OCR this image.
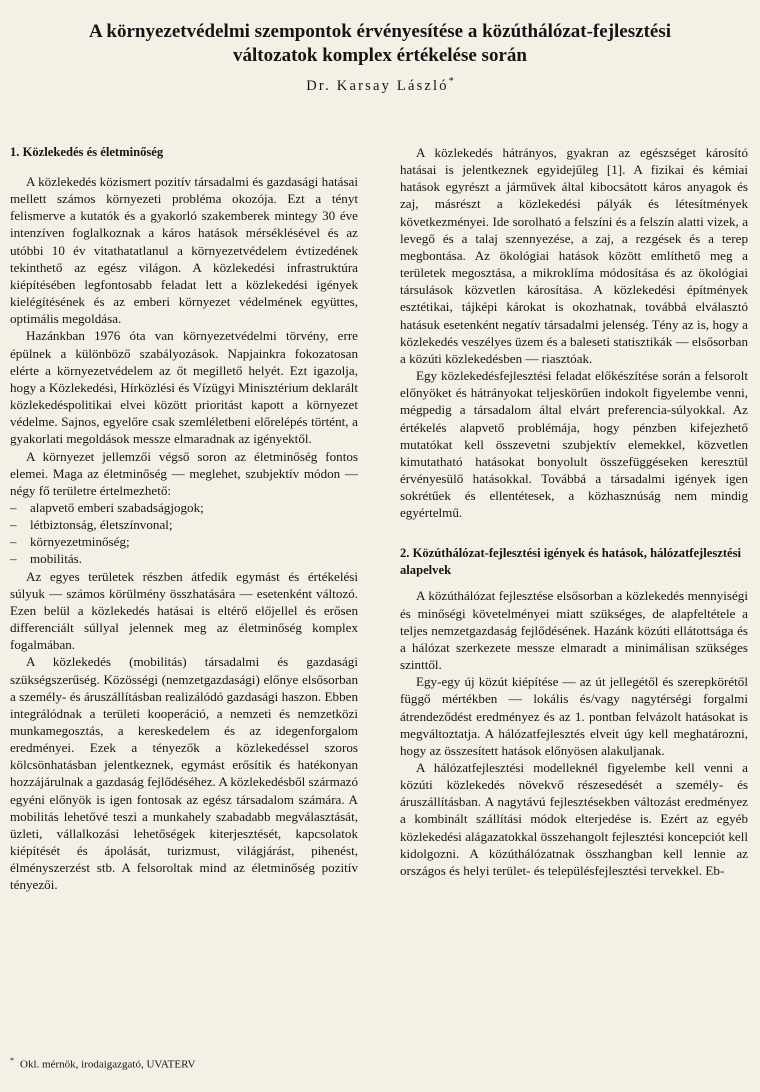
A környezetvédelmi szempontok érvényesítése a közúthálózat-fejlesztési
változatok komplex értékelése során
Dr. Karsay László*
1. Közlekedés és életminőség

A közlekedés közismert pozitív társadalmi és gazdasági hatásai mellett számos környezeti probléma okozója. Ezt a tényt felismerve a kutatók és a gyakorló szakemberek mintegy 30 éve intenzíven foglalkoznak a káros hatások mérséklésével és az utóbbi 10 év vitathatatlanul a környezetvédelem évtizedének tekinthető az egész világon. A közlekedési infrastruktúra kiépítésében legfontosabb feladat lett a közlekedési igények kielégítésének és az emberi környezet védelmének együttes, optimális megoldása.

Hazánkban 1976 óta van környezetvédelmi törvény, erre épülnek a különböző szabályozások. Napjainkra fokozatosan elérte a környezetvédelem az őt megillető helyét. Ezt igazolja, hogy a Közlekedési, Hírközlési és Vízügyi Minisztérium deklarált közlekedéspolitikai elvei között prioritást kapott a környezet védelme. Sajnos, egyelőre csak szemléletbeni előrelépés történt, a gyakorlati megoldások messze elmaradnak az igényektől.

A környezet jellemzői végső soron az életminőség fontos elemei. Maga az életminőség — meglehet, szubjektív módon — négy fő területre értelmezhető:

– alapvető emberi szabadságjogok;
– létbiztonság, életszínvonal;
– környezetminőség;
– mobilitás.

Az egyes területek részben átfedik egymást és értékelési súlyuk — számos körülmény összhatására — esetenként változó. Ezen belül a közlekedés hatásai is eltérő előjellel és erősen differenciált súllyal jelennek meg az életminőség komplex fogalmában.

A közlekedés (mobilitás) társadalmi és gazdasági szükségszerűség. Közösségi (nemzetgazdasági) előnye elsősorban a személy- és áruszállításban realizálódó gazdasági haszon. Ebben integrálódnak a területi kooperáció, a nemzeti és nemzetközi munkamegosztás, a kereskedelem és az idegenforgalom eredményei. Ezek a tényezők a közlekedéssel szoros kölcsönhatásban jelentkeznek, egymást erősítik és hatékonyan hozzájárulnak a gazdaság fejlődéséhez. A közlekedésből származó egyéni előnyök is igen fontosak az egész társadalom számára. A mobilitás lehetővé teszi a munkahely szabadabb megválasztását, üzleti, vállalkozási lehetőségek kiterjesztését, kapcsolatok kiépítését és ápolását, turizmust, világjárást, pihenést, élményszerzést stb. A felsoroltak mind az életminőség pozitív tényezői.

A közlekedés hátrányos, gyakran az egészséget károsító hatásai is jelentkeznek egyidejűleg [1]. A fizikai és kémiai hatások egyrészt a járművek által kibocsátott káros anyagok és zaj, másrészt a közlekedési pályák és létesítmények következményei. Ide sorolható a felszíni és a felszín alatti vizek, a levegő és a talaj szennyezése, a zaj, a rezgések és a terep megbontása. Az ökológiai hatások között említhető meg a területek megosztása, a mikroklíma módosítása és az ökológiai társulások közvetlen károsítása. A közlekedési építmények esztétikai, tájképi károkat is okozhatnak, továbbá elválasztó hatásuk esetenként negatív társadalmi jelenség. Tény az is, hogy a közlekedés veszélyes üzem és a baleseti statisztikák — elsősorban a közúti közlekedésben — riasztóak.

Egy közlekedésfejlesztési feladat előkészítése során a felsorolt előnyöket és hátrányokat teljeskörűen indokolt figyelembe venni, mégpedig a társadalom által elvárt preferencia-súlyokkal. Az értékelés alapvető problémája, hogy pénzben kifejezhető mutatókat kell összevetni szubjektív elemekkel, közvetlen kimutatható hatásokat bonyolult összefüggéseken keresztül érvényesülő hatásokkal. Továbbá a társadalmi igények igen sokrétűek és ellentétesek, a közhasznúság nem mindig egyértelmű.

2. Közúthálózat-fejlesztési igények és hatások, hálózatfejlesztési alapelvek

A közúthálózat fejlesztése elsősorban a közlekedés mennyiségi és minőségi követelményei miatt szükséges, de alapfeltétele a teljes nemzetgazdaság fejlődésének. Hazánk közúti ellátottsága és a hálózat szerkezete messze elmaradt a minimálisan szükséges szinttől.

Egy-egy új közút kiépítése — az út jellegétől és szerepkörétől függő mértékben — lokális és/vagy nagytérségi forgalmi átrendeződést eredményez és az 1. pontban felvázolt hatásokat is megváltoztatja. A hálózatfejlesztés elveit úgy kell meghatározni, hogy az összesített hatások előnyösen alakuljanak.

A hálózatfejlesztési modelleknél figyelembe kell venni a közúti közlekedés növekvő részesedését a személy- és áruszállításban. A nagytávú fejlesztésekben változást eredményez a kombinált szállítási módok elterjedése is. Ezért az egyéb közlekedési alágazatokkal összehangolt fejlesztési koncepciót kell kidolgozni. A közúthálózatnak összhangban kell lennie az országos és helyi terület- és településfejlesztési tervekkel. Eb-

* Okl. mérnök, irodaigazgató, UVATERV
